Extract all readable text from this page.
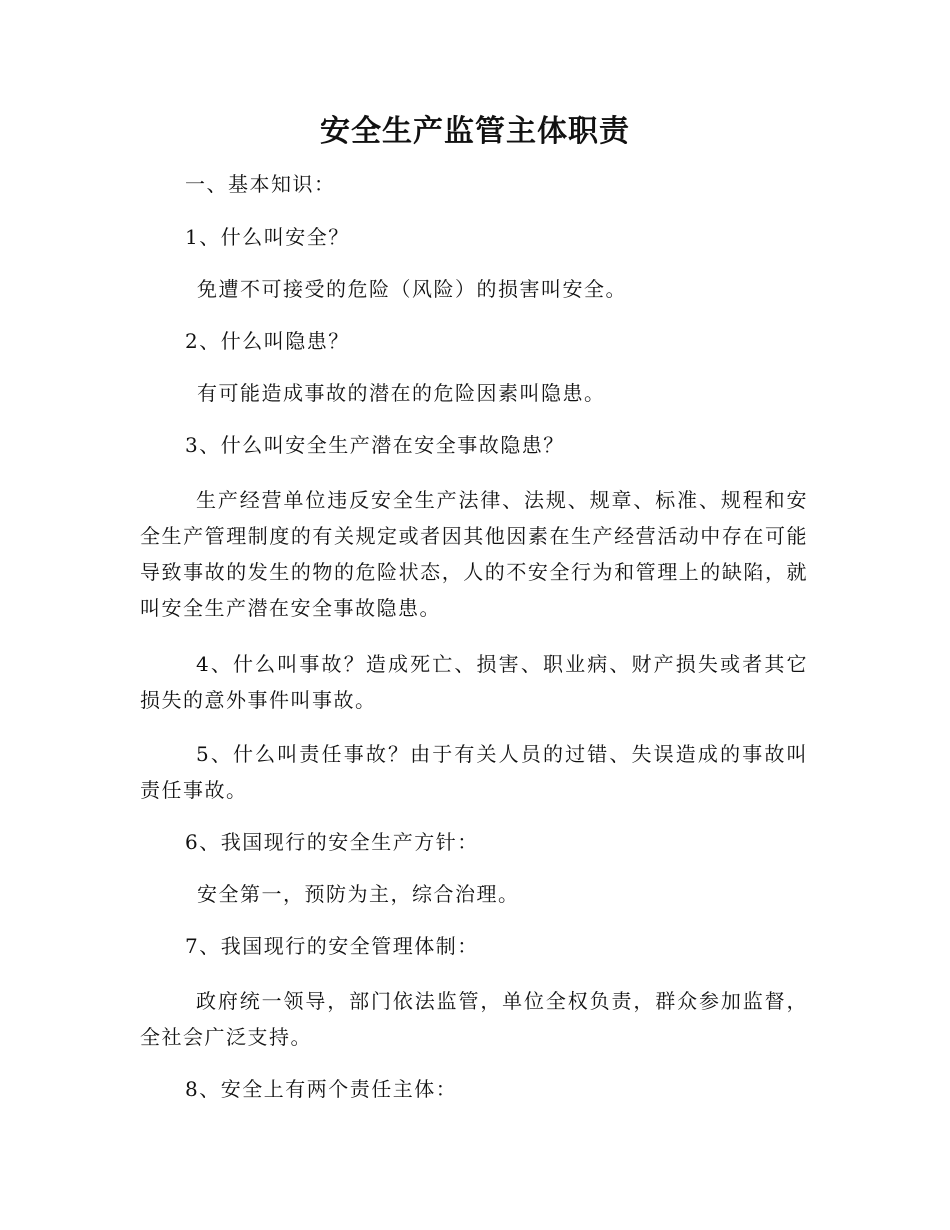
安全生产监管主体职责
一、基本知识：
1、什么叫安全？
免遭不可接受的危险（风险）的损害叫安全。
2、什么叫隐患？
有可能造成事故的潜在的危险因素叫隐患。
3、什么叫安全生产潜在安全事故隐患？
生产经营单位违反安全生产法律、法规、规章、标准、规程和安全生产管理制度的有关规定或者因其他因素在生产经营活动中存在可能导致事故的发生的物的危险状态，人的不安全行为和管理上的缺陷，就叫安全生产潜在安全事故隐患。
4、什么叫事故？造成死亡、损害、职业病、财产损失或者其它损失的意外事件叫事故。
5、什么叫责任事故？由于有关人员的过错、失误造成的事故叫责任事故。
6、我国现行的安全生产方针：
安全第一，预防为主，综合治理。
7、我国现行的安全管理体制：
政府统一领导，部门依法监管，单位全权负责，群众参加监督，全社会广泛支持。
8、安全上有两个责任主体：
